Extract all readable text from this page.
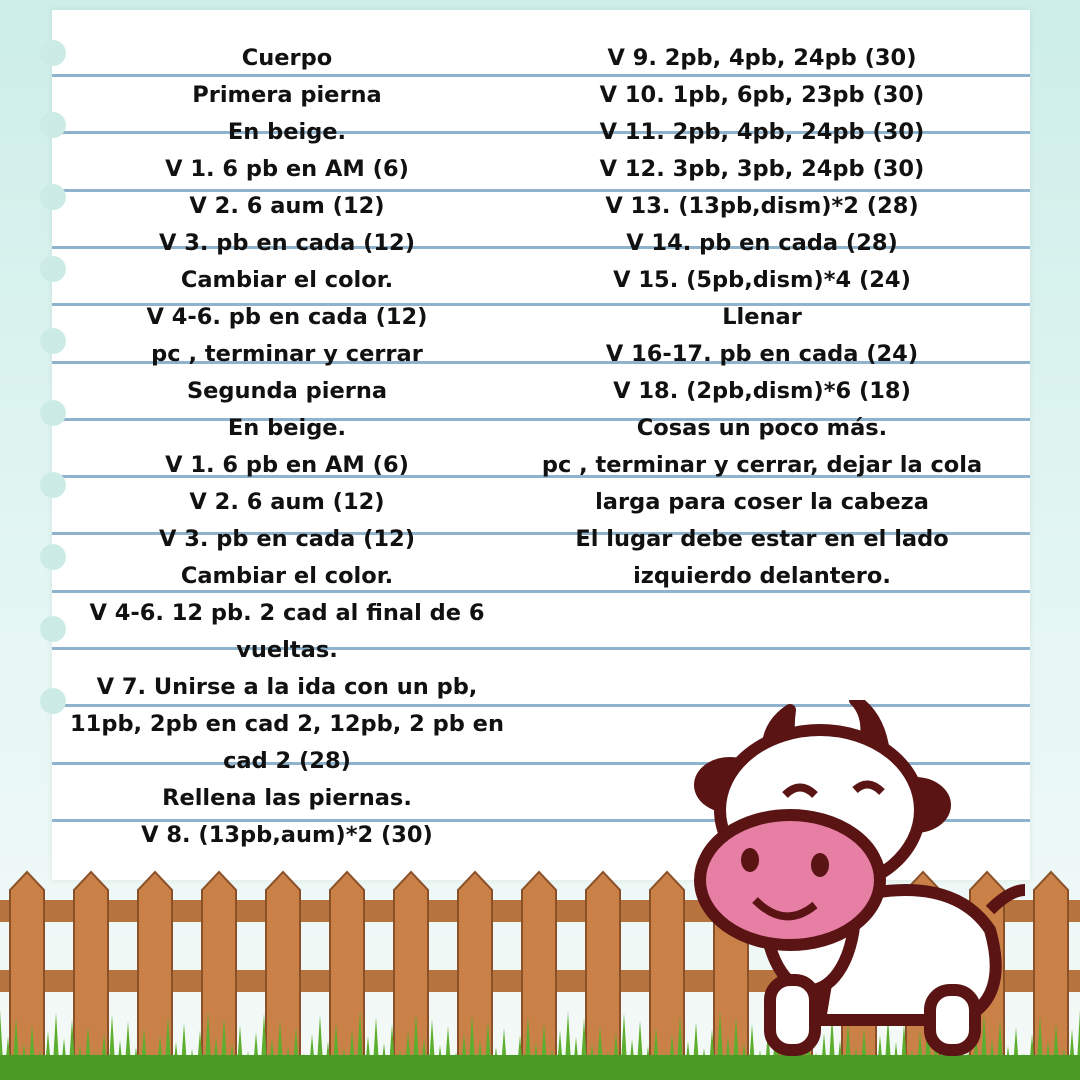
Cuerpo
Primera pierna
En beige.
V 1. 6 pb en AM (6)
V 2. 6 aum (12)
V 3. pb en cada (12)
Cambiar el color.
V 4-6. pb en cada (12)
pc , terminar y cerrar
Segunda pierna
En beige.
V 1. 6 pb en AM (6)
V 2. 6 aum (12)
V 3. pb en cada (12)
Cambiar el color.
V 4-6. 12 pb. 2 cad al final de 6
vueltas.
V 7. Unirse a la ida con un pb,
11pb, 2pb en cad 2, 12pb, 2 pb en
cad 2 (28)
Rellena las piernas.
V 8. (13pb,aum)*2 (30)
V 9. 2pb, 4pb, 24pb (30)
V 10. 1pb, 6pb, 23pb (30)
V 11. 2pb, 4pb, 24pb (30)
V 12. 3pb, 3pb, 24pb (30)
V 13. (13pb,dism)*2 (28)
V 14. pb en cada (28)
V 15. (5pb,dism)*4 (24)
Llenar
V 16-17. pb en cada (24)
V 18. (2pb,dism)*6 (18)
Cosas un poco más.
pc , terminar y cerrar, dejar la cola
larga para coser la cabeza
El lugar debe estar en el lado
izquierdo delantero.
